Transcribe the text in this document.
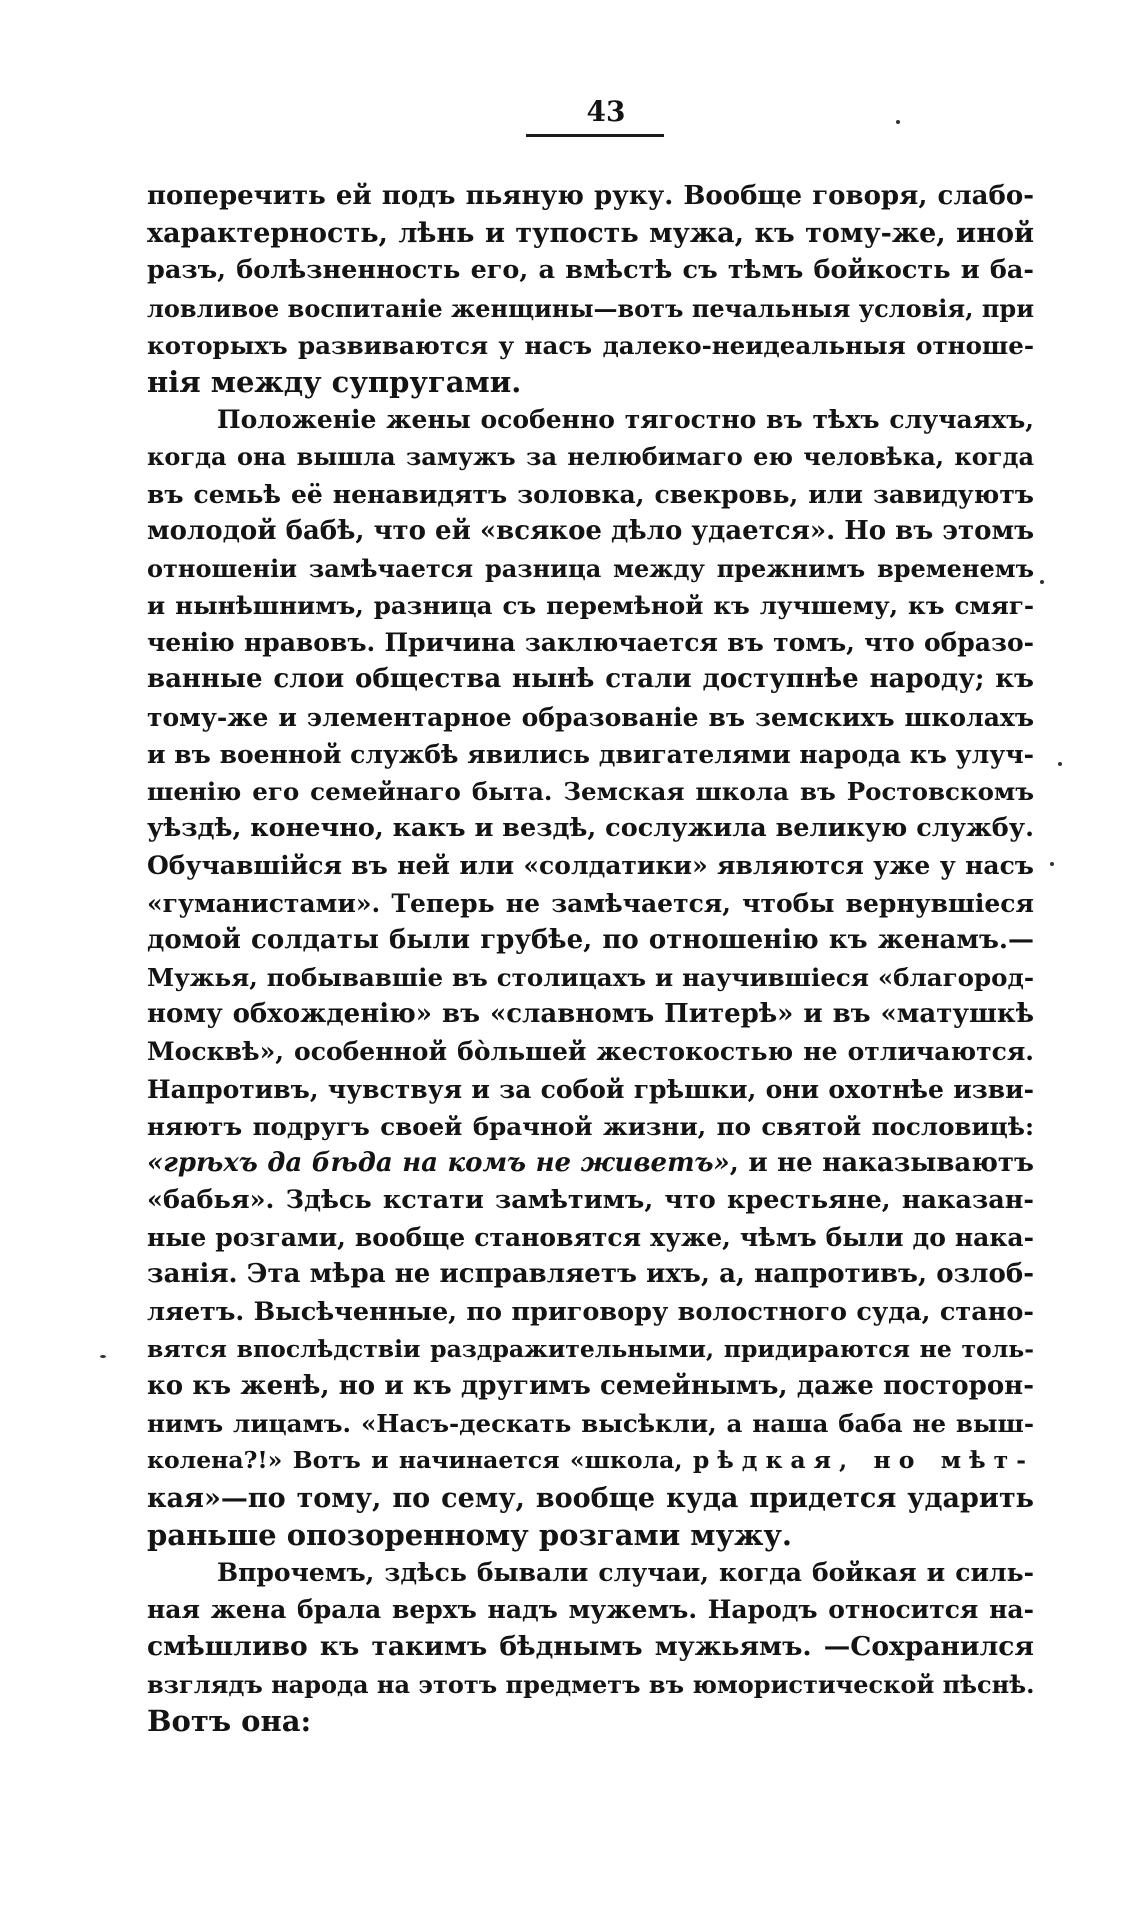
43
поперечить ей подъ пьяную руку. Вообще говоря, слабо-
характерность, лѣнь и тупость мужа, къ тому-же, иной
разъ, болѣзненность его, а вмѣстѣ съ тѣмъ бойкость и ба-
ловливое воспитаніе женщины—вотъ печальныя условія, при
которыхъ развиваются у насъ далеко-неидеальныя отноше-
нія между супругами.
Положеніе жены особенно тягостно въ тѣхъ случаяхъ,
когда она вышла замужъ за нелюбимаго ею человѣка, когда
въ семьѣ её ненавидятъ золовка, свекровь, или завидуютъ
молодой бабѣ, что ей «всякое дѣло удается». Но въ этомъ
отношеніи замѣчается разница между прежнимъ временемъ
и нынѣшнимъ, разница съ перемѣной къ лучшему, къ смяг-
ченію нравовъ. Причина заключается въ томъ, что образо-
ванные слои общества нынѣ стали доступнѣе народу; къ
тому-же и элементарное образованіе въ земскихъ школахъ
и въ военной службѣ явились двигателями народа къ улуч-
шенію его семейнаго быта. Земская школа въ Ростовскомъ
уѣздѣ, конечно, какъ и вездѣ, сослужила великую службу.
Обучавшійся въ ней или «солдатики» являются уже у насъ
«гуманистами». Теперь не замѣчается, чтобы вернувшіеся
домой солдаты были грубѣе, по отношенію къ женамъ.—
Мужья, побывавшіе въ столицахъ и научившіеся «благород-
ному обхожденію» въ «славномъ Питерѣ» и въ «матушкѣ
Москвѣ», особенной бòльшей жестокостью не отличаются.
Напротивъ, чувствуя и за собой грѣшки, они охотнѣе изви-
няютъ подругъ своей брачной жизни, по святой пословицѣ:
«грѣхъ да бѣда на комъ не живетъ», и не наказываютъ
«бабья». Здѣсь кстати замѣтимъ, что крестьяне, наказан-
ные розгами, вообще становятся хуже, чѣмъ были до нака-
занія. Эта мѣра не исправляетъ ихъ, а, напротивъ, озлоб-
ляетъ. Высѣченные, по приговору волостного суда, стано-
вятся впослѣдствіи раздражительными, придираются не толь-
ко къ женѣ, но и къ другимъ семейнымъ, даже посторон-
нимъ лицамъ. «Насъ-дескать высѣкли, а наша баба не выш-
колена?!» Вотъ и начинается «школа, рѣдкая, но мѣт-
кая»—по тому, по сему, вообще куда придется ударить
раньше опозоренному розгами мужу.
Впрочемъ, здѣсь бывали случаи, когда бойкая и силь-
ная жена брала верхъ надъ мужемъ. Народъ относится на-
смѣшливо къ такимъ бѣднымъ мужьямъ. —Сохранился
взглядъ народа на этотъ предметъ въ юмористической пѣснѣ.
Вотъ она:
